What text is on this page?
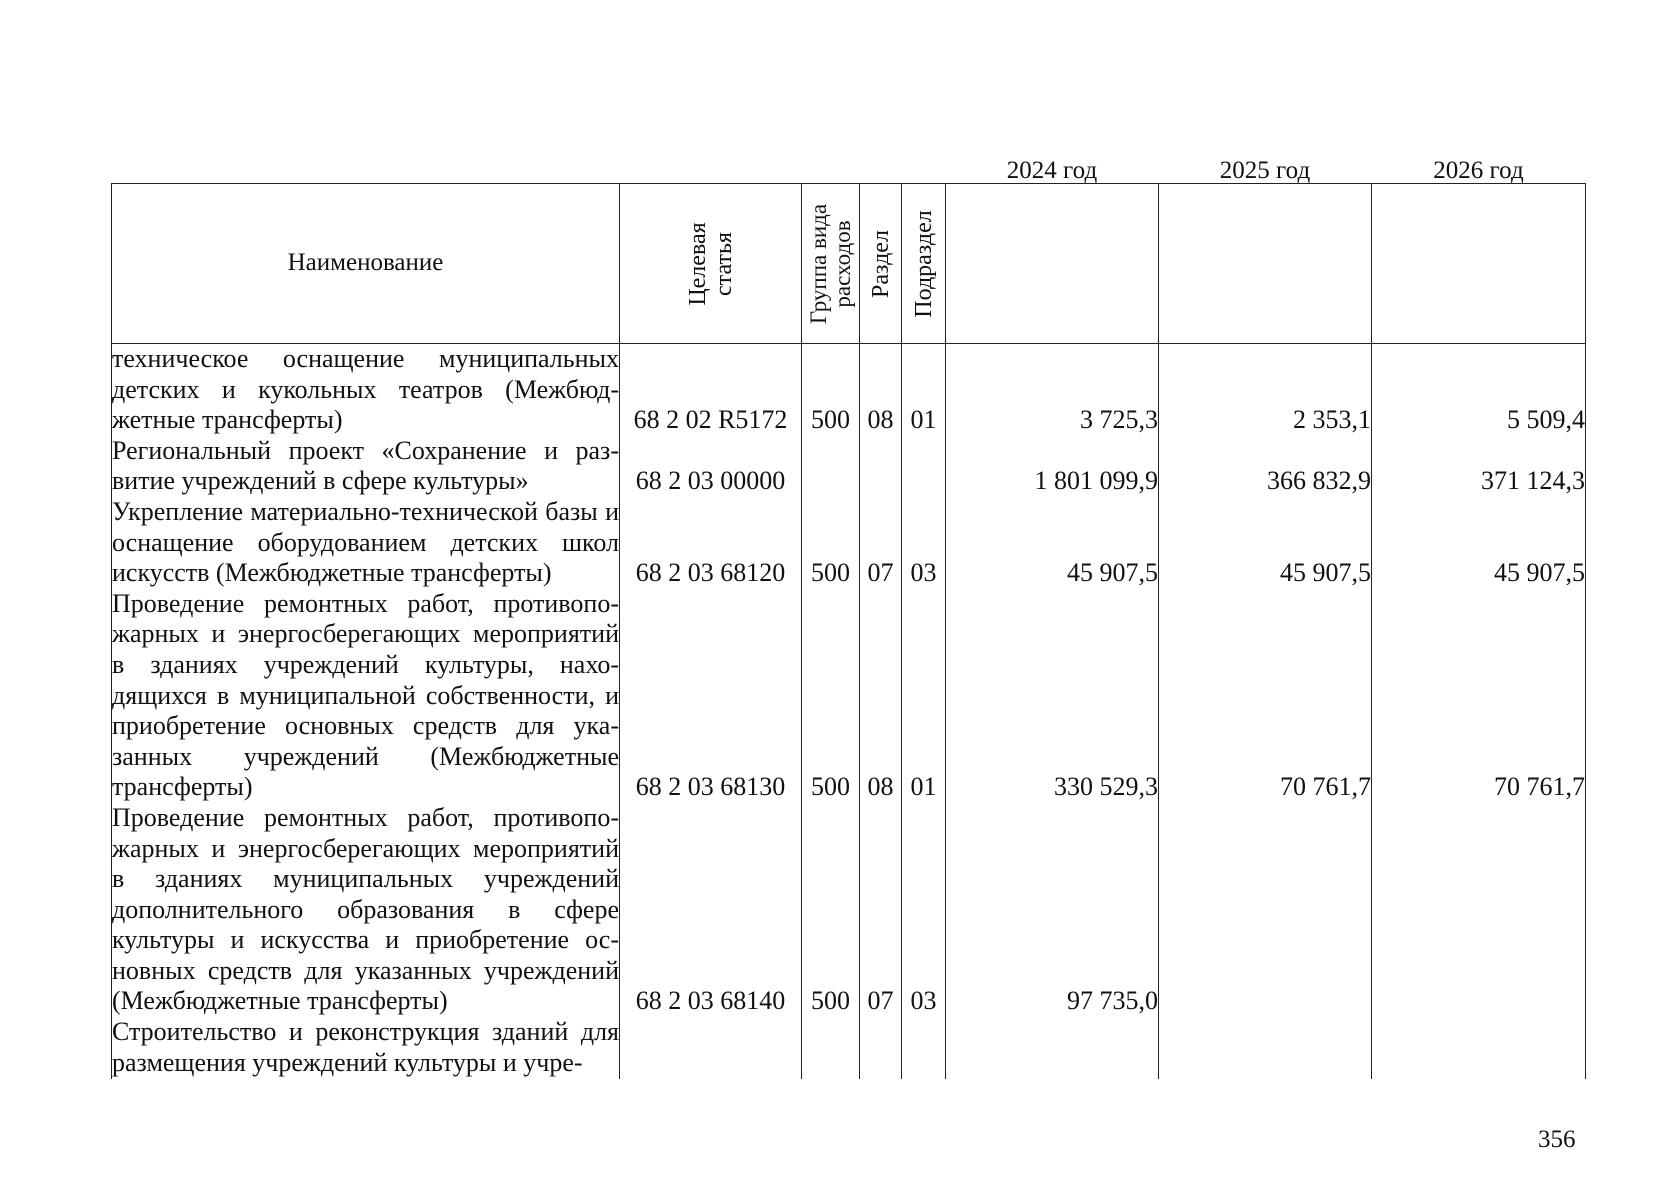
Наименование	Целевая статья	Группа вида расходов	Раздел	Подраздел	2024 год	2025 год	2026 год

техническое оснащение муниципальных детских и кукольных театров (Межбюджетные трансферты)	68 2 02 R5172	500	08	01	3 725,3	2 353,1	5 509,4
Региональный проект «Сохранение и развитие учреждений в сфере культуры»	68 2 03 00000				1 801 099,9	366 832,9	371 124,3
Укрепление материально-технической базы и оснащение оборудованием детских школ искусств (Межбюджетные трансферты)	68 2 03 68120	500	07	03	45 907,5	45 907,5	45 907,5
Проведение ремонтных работ, противопожарных и энергосберегающих мероприятий в зданиях учреждений культуры, находящихся в муниципальной собственности, и приобретение основных средств для указанных учреждений (Межбюджетные трансферты)	68 2 03 68130	500	08	01	330 529,3	70 761,7	70 761,7
Проведение ремонтных работ, противопожарных и энергосберегающих мероприятий в зданиях муниципальных учреждений дополнительного образования в сфере культуры и искусства и приобретение основных средств для указанных учреждений (Межбюджетные трансферты)	68 2 03 68140	500	07	03	97 735,0		
Строительство и реконструкция зданий для размещения учреждений культуры и учре-							
356
